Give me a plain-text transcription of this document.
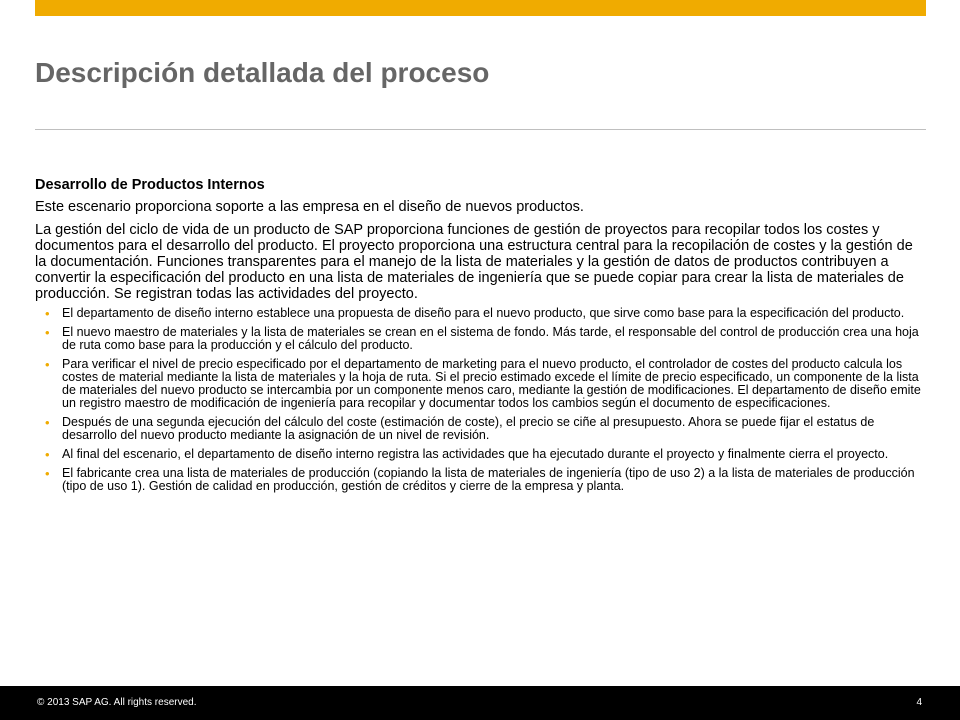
Descripción detallada del proceso

Desarrollo de Productos Internos

Este escenario proporciona soporte a las empresa en el diseño de nuevos productos.

La gestión del ciclo de vida de un producto de SAP proporciona funciones de gestión de proyectos para recopilar todos los costes y documentos para el desarrollo del producto. El proyecto proporciona una estructura central para la recopilación de costes y la gestión de la documentación. Funciones transparentes para el manejo de la lista de materiales y la gestión de datos de productos contribuyen a convertir la especificación del producto en una lista de materiales de ingeniería que se puede copiar para crear la lista de materiales de producción. Se registran todas las actividades del proyecto.

• El departamento de diseño interno establece una propuesta de diseño para el nuevo producto, que sirve como base para la especificación del producto.
• El nuevo maestro de materiales y la lista de materiales se crean en el sistema de fondo. Más tarde, el responsable del control de producción crea una hoja de ruta como base para la producción y el cálculo del producto.
• Para verificar el nivel de precio especificado por el departamento de marketing para el nuevo producto, el controlador de costes del producto calcula los costes de material mediante la lista de materiales y la hoja de ruta. Si el precio estimado excede el límite de precio especificado, un componente de la lista de materiales del nuevo producto se intercambia por un componente menos caro, mediante la gestión de modificaciones. El departamento de diseño emite un registro maestro de modificación de ingeniería para recopilar y documentar todos los cambios según el documento de especificaciones.
• Después de una segunda ejecución del cálculo del coste (estimación de coste), el precio se ciñe al presupuesto. Ahora se puede fijar el estatus de desarrollo del nuevo producto mediante la asignación de un nivel de revisión.
• Al final del escenario, el departamento de diseño interno registra las actividades que ha ejecutado durante el proyecto y finalmente cierra el proyecto.
• El fabricante crea una lista de materiales de producción (copiando la lista de materiales de ingeniería (tipo de uso 2) a la lista de materiales de producción (tipo de uso 1). Gestión de calidad en producción, gestión de créditos y cierre de la empresa y planta.
© 2013 SAP AG. All rights reserved.	4
